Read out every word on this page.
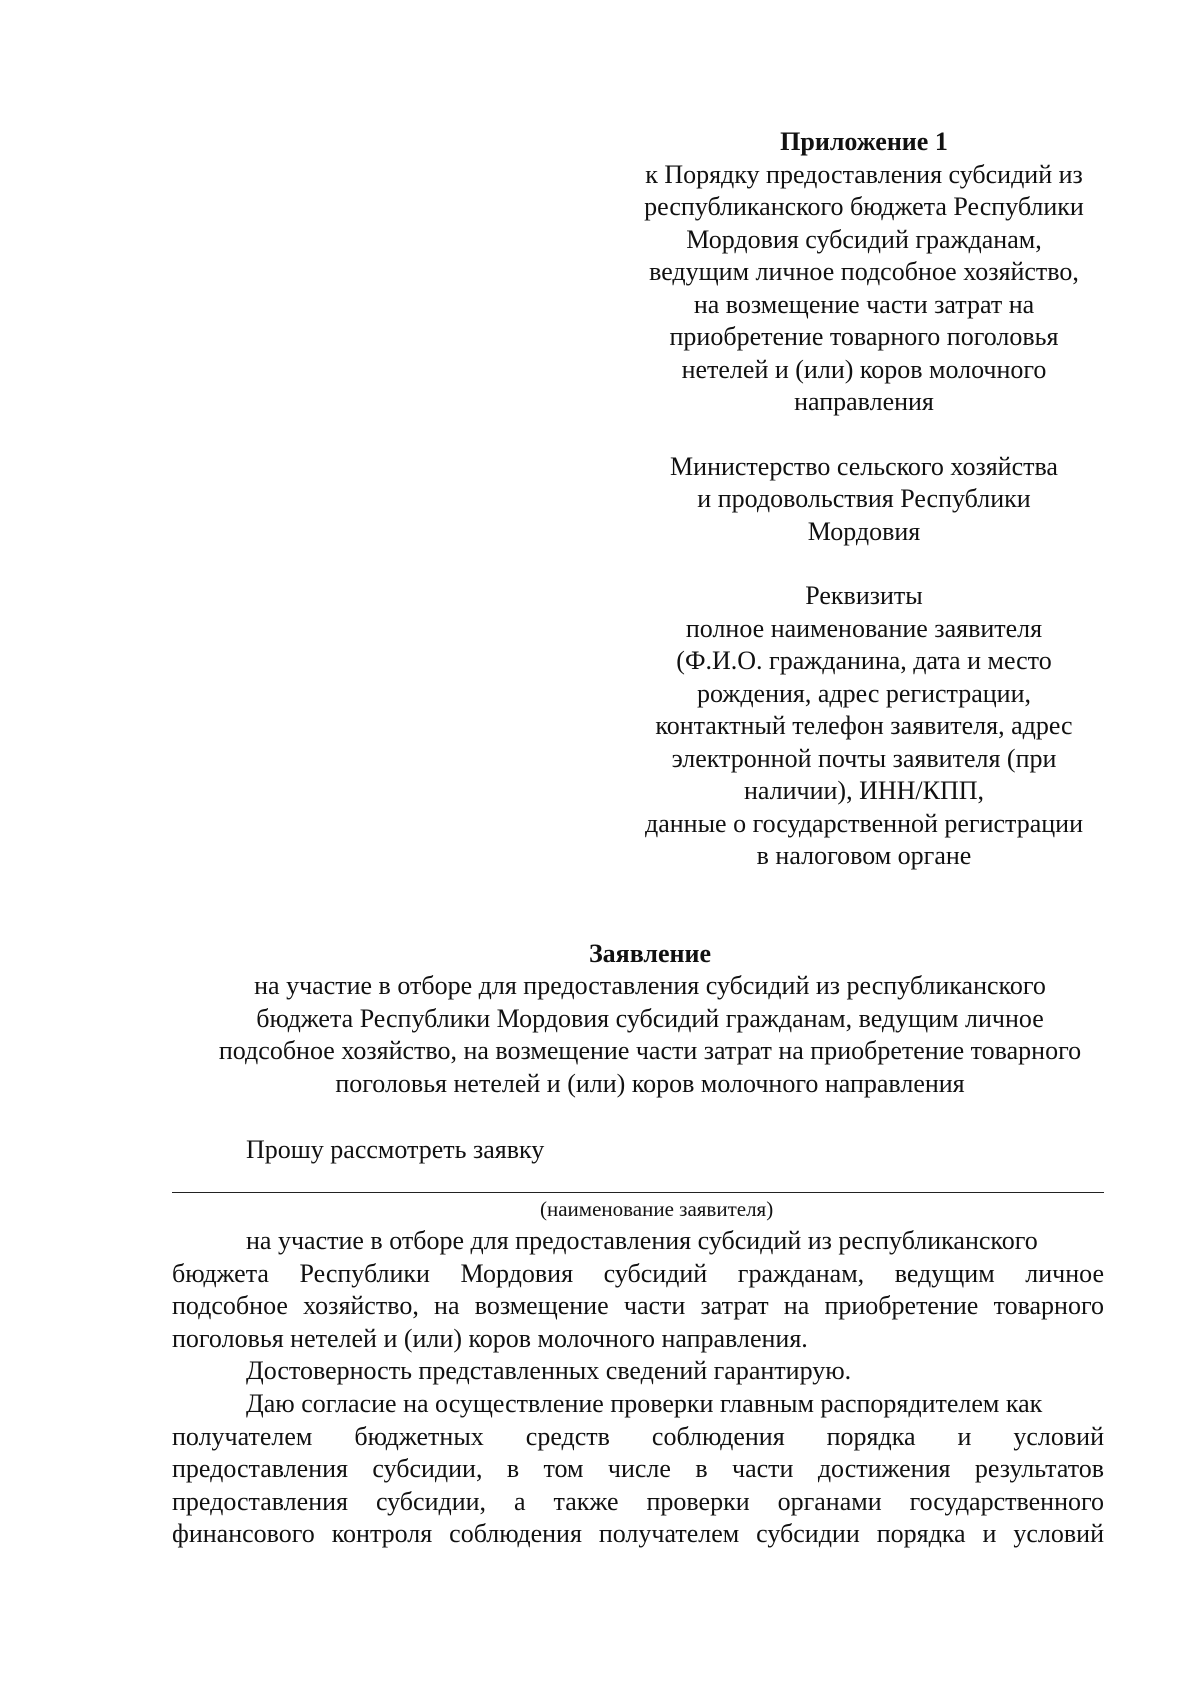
Приложение 1
к Порядку предоставления субсидий из
республиканского бюджета Республики
Мордовия субсидий гражданам,
ведущим личное подсобное хозяйство,
на возмещение части затрат на
приобретение товарного поголовья
нетелей и (или) коров молочного
направления
Министерство сельского хозяйства
и продовольствия Республики
Мордовия
Реквизиты
полное наименование заявителя
(Ф.И.О. гражданина, дата и место
рождения, адрес регистрации,
контактный телефон заявителя, адрес
электронной почты заявителя (при
наличии), ИНН/КПП,
данные о государственной регистрации
в налоговом органе
Заявление
на участие в отборе для предоставления субсидий из республиканского
бюджета Республики Мордовия субсидий гражданам, ведущим личное
подсобное хозяйство, на возмещение части затрат на приобретение товарного
поголовья нетелей и (или) коров молочного направления
Прошу рассмотреть заявку
(наименование заявителя)
на участие в отборе для предоставления субсидий из республиканского
бюджета Республики Мордовия субсидий гражданам, ведущим личное
подсобное хозяйство, на возмещение части затрат на приобретение товарного
поголовья нетелей и (или) коров молочного направления.
Достоверность представленных сведений гарантирую.
Даю согласие на осуществление проверки главным распорядителем как
получателем бюджетных средств соблюдения порядка и условий
предоставления субсидии, в том числе в части достижения результатов
предоставления субсидии, а также проверки органами государственного
финансового контроля соблюдения получателем субсидии порядка и условий
